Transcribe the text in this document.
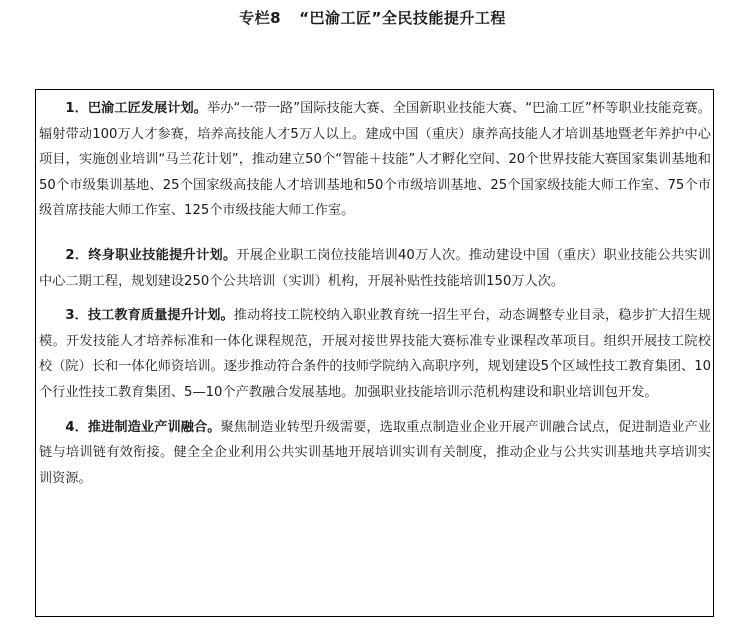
专栏8 “巴渝工匠”全民技能提升工程

1．巴渝工匠发展计划。举办“一带一路”国际技能大赛、全国新职业技能大赛、“巴渝工匠”杯等职业技能竞赛。辐射带动100万人才参赛，培养高技能人才5万人以上。建成中国（重庆）康养高技能人才培训基地暨老年养护中心项目，实施创业培训“马兰花计划”，推动建立50个“智能＋技能”人才孵化空间、20个世界技能大赛国家集训基地和50个市级集训基地、25个国家级高技能人才培训基地和50个市级培训基地、25个国家级技能大师工作室、75个市级首席技能大师工作室、125个市级技能大师工作室。

2．终身职业技能提升计划。开展企业职工岗位技能培训40万人次。推动建设中国（重庆）职业技能公共实训中心二期工程，规划建设250个公共培训（实训）机构，开展补贴性技能培训150万人次。

3．技工教育质量提升计划。推动将技工院校纳入职业教育统一招生平台，动态调整专业目录，稳步扩大招生规模。开发技能人才培养标准和一体化课程规范，开展对接世界技能大赛标准专业课程改革项目。组织开展技工院校校（院）长和一体化师资培训。逐步推动符合条件的技师学院纳入高职序列，规划建设5个区域性技工教育集团、10个行业性技工教育集团、5—10个产教融合发展基地。加强职业技能培训示范机构建设和职业培训包开发。

4．推进制造业产训融合。聚焦制造业转型升级需要，选取重点制造业企业开展产训融合试点，促进制造业产业链与培训链有效衔接。健全全企业利用公共实训基地开展培训实训有关制度，推动企业与公共实训基地共享培训实训资源。
